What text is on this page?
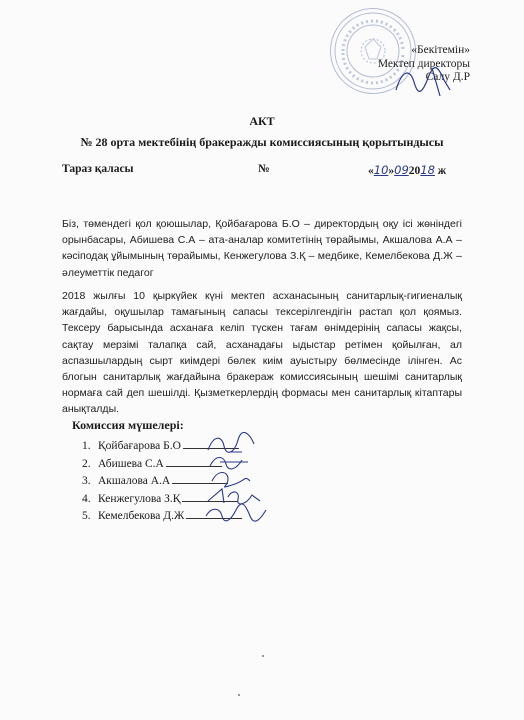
«Бекітемін»
Мектеп директоры
Салу Д.Р
АКТ
№ 28 орта мектебінің бракеражды комиссиясының қорытындысы
Тараз қаласы	№	«10»092018 ж
Біз, төмендегі қол қоюшылар, Қойбағарова Б.О – директордың оқу ісі жөніндегі орынбасары, Абишева С.А – ата-аналар комитетінің төрайымы, Акшалова А.А – кәсіподақ ұйымының төрайымы, Кенжегулова З.Қ – медбике, Кемелбекова Д.Ж – әлеуметтік педагог
2018 жылғы 10 қыркүйек күні мектеп асханасының санитарлық-гигиеналық жағдайы, оқушылар тамағының сапасы тексерілгендігін растап қол қоямыз. Тексеру барысында асханаға келіп түскен тағам өнімдерінің сапасы жақсы, сақтау мерзімі талапқа сай, асханадағы ыдыстар ретімен қойылған, ал аспазшылардың сырт киімдері бөлек киім ауыстыру бөлмесінде ілінген. Ас блогын санитарлық жағдайына бракераж комиссиясының шешімі санитарлық нормаға сай деп шешілді. Қызметкерлердің формасы мен санитарлық кітаптары анықталды.
Комиссия мүшелері:
1. Қойбағарова Б.О
2. Абишева С.А
3. Акшалова А.А
4. Кенжегулова З.Қ
5. Кемелбекова Д.Ж
